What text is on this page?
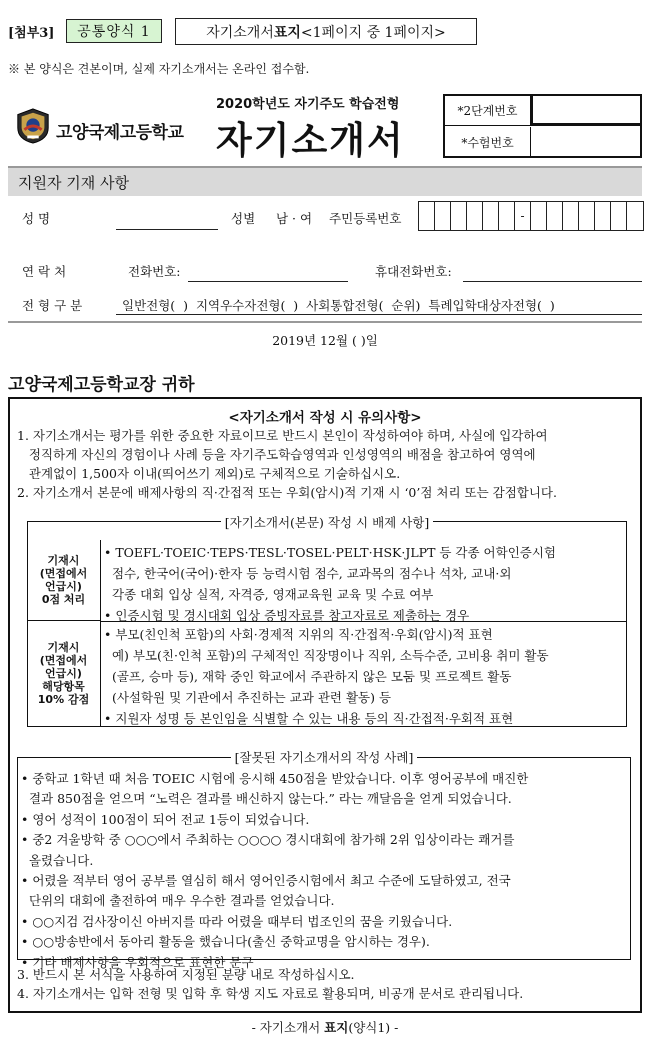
[첨부3]	공통양식 1	자기소개서 표지 <1페이지 중 1페이지>
※ 본 양식은 견본이며, 실제 자기소개서는 온라인 접수함.
고양국제고등학교
2020학년도 자기주도 학습전형
자기소개서
*2단계번호
*수험번호
지원자 기재 사항
성 명	성별 남 · 여 주민등록번호	-
연 락 처	전화번호:	휴대전화번호:
전 형 구 분	일반전형(  )  지역우수자전형(  )  사회통합전형(  순위)  특례입학대상자전형(  )
2019년 12월 ( )일
고양국제고등학교장 귀하
<자기소개서 작성 시 유의사항>
1. 자기소개서는 평가를 위한 중요한 자료이므로 반드시 본인이 작성하여야 하며, 사실에 입각하여
정직하게 자신의 경험이나 사례 등을 자기주도학습영역과 인성영역의 배점을 참고하여 영역에
관계없이 1,500자 이내(띄어쓰기 제외)로 구체적으로 기술하십시오.
2. 자기소개서 본문에 배제사항의 직·간접적 또는 우회(암시)적 기재 시 ‘0’점 처리 또는 감점합니다.
[자기소개서(본문) 작성 시 배제 사항]
기재시
(면접에서
언급시)
0점 처리
• TOEFL·TOEIC·TEPS·TESL·TOSEL·PELT·HSK·JLPT 등 각종 어학인증시험
점수, 한국어(국어)·한자 등 능력시험 점수, 교과목의 점수나 석차, 교내·외
각종 대회 입상 실적, 자격증, 영재교육원 교육 및 수료 여부
• 인증시험 및 경시대회 입상 증빙자료를 참고자료로 제출하는 경우
기재시
(면접에서
언급시)
해당항목
10% 감점
• 부모(친인척 포함)의 사회·경제적 지위의 직·간접적·우회(암시)적 표현
예) 부모(친·인척 포함)의 구체적인 직장명이나 직위, 소득수준, 고비용 취미 활동
(골프, 승마 등), 재학 중인 학교에서 주관하지 않은 모둠 및 프로젝트 활동
(사설학원 및 기관에서 추진하는 교과 관련 활동) 등
• 지원자 성명 등 본인임을 식별할 수 있는 내용 등의 직·간접적·우회적 표현
[잘못된 자기소개서의 작성 사례]
• 중학교 1학년 때 처음 TOEIC 시험에 응시해 450점을 받았습니다. 이후 영어공부에 매진한
결과 850점을 얻으며 “노력은 결과를 배신하지 않는다.” 라는 깨달음을 얻게 되었습니다.
• 영어 성적이 100점이 되어 전교 1등이 되었습니다.
• 중2 겨울방학 중 ○○○에서 주최하는 ○○○○ 경시대회에 참가해 2위 입상이라는 쾌거를
올렸습니다.
• 어렸을 적부터 영어 공부를 열심히 해서 영어인증시험에서 최고 수준에 도달하였고, 전국
단위의 대회에 출전하여 매우 우수한 결과를 얻었습니다.
• ○○지검 검사장이신 아버지를 따라 어렸을 때부터 법조인의 꿈을 키웠습니다.
• ○○방송반에서 동아리 활동을 했습니다(출신 중학교명을 암시하는 경우).
• 기타 배제사항을 우회적으로 표현한 문구
3. 반드시 본 서식을 사용하여 지정된 분량 내로 작성하십시오.
4. 자기소개서는 입학 전형 및 입학 후 학생 지도 자료로 활용되며, 비공개 문서로 관리됩니다.
- 자기소개서 표지(양식1) -
